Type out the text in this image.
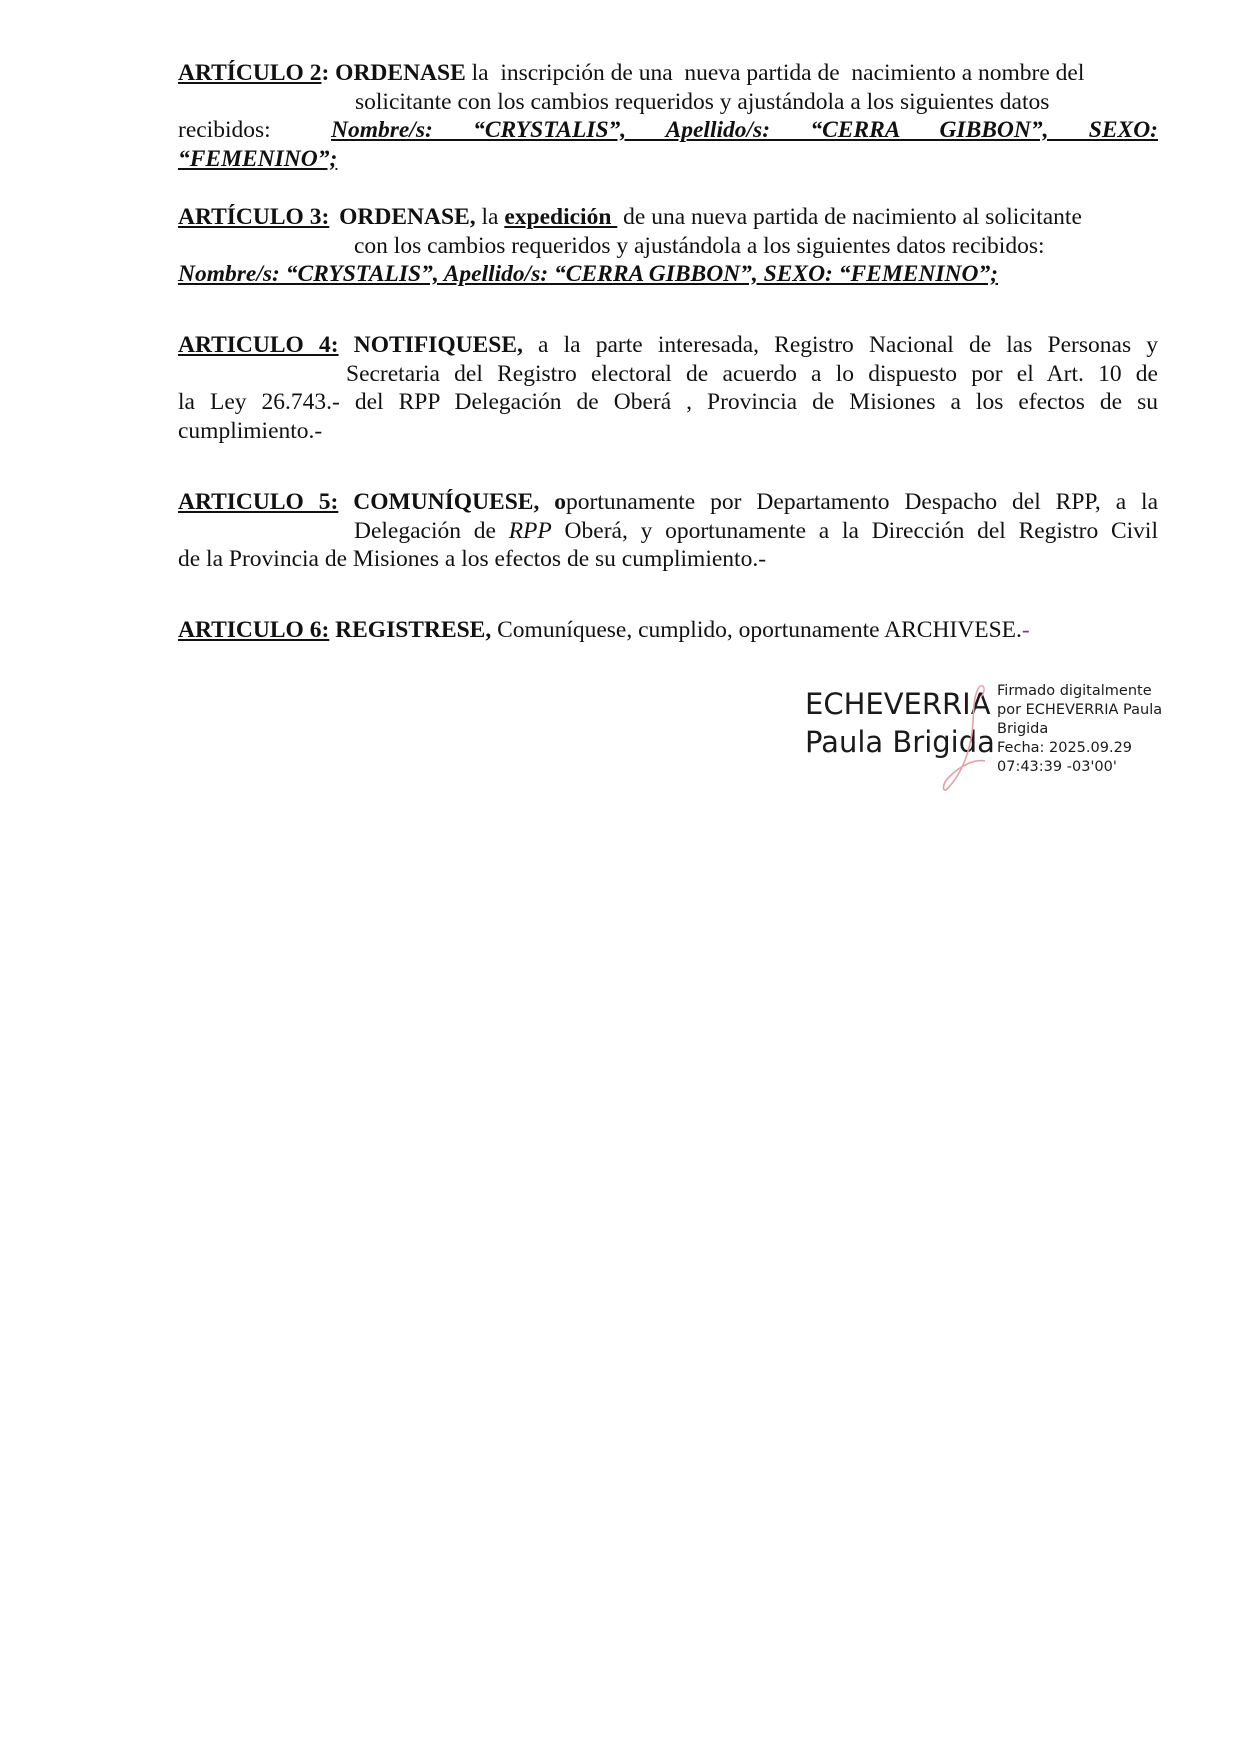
ARTÍCULO 2: ORDENASE la  inscripción de una  nueva partida de  nacimiento a nombre del
solicitante con los cambios requeridos y ajustándola a los siguientes datos
recibidos:	Nombre/s: “CRYSTALIS”, Apellido/s: “CERRA GIBBON”, SEXO:
“FEMENINO”;
ARTÍCULO 3: ORDENASE, la expedición  de una nueva partida de nacimiento al solicitante
con los cambios requeridos y ajustándola a los siguientes datos recibidos:
Nombre/s: “CRYSTALIS”, Apellido/s: “CERRA GIBBON”, SEXO: “FEMENINO”;
ARTICULO 4: NOTIFIQUESE, a la parte interesada, Registro Nacional de las Personas y
Secretaria del Registro electoral de acuerdo a lo dispuesto por el Art. 10 de
la Ley 26.743.- del RPP Delegación de Oberá , Provincia de Misiones a los efectos de su
cumplimiento.-
ARTICULO 5: COMUNÍQUESE, oportunamente por Departamento Despacho del RPP, a la
Delegación de RPP Oberá, y oportunamente a la Dirección del Registro Civil
de la Provincia de Misiones a los efectos de su cumplimiento.-
ARTICULO 6: REGISTRESE, Comuníquese, cumplido, oportunamente ARCHIVESE.-
ECHEVERRIA
Paula Brigida
Firmado digitalmente
por ECHEVERRIA Paula
Brigida
Fecha: 2025.09.29
07:43:39 -03'00'
